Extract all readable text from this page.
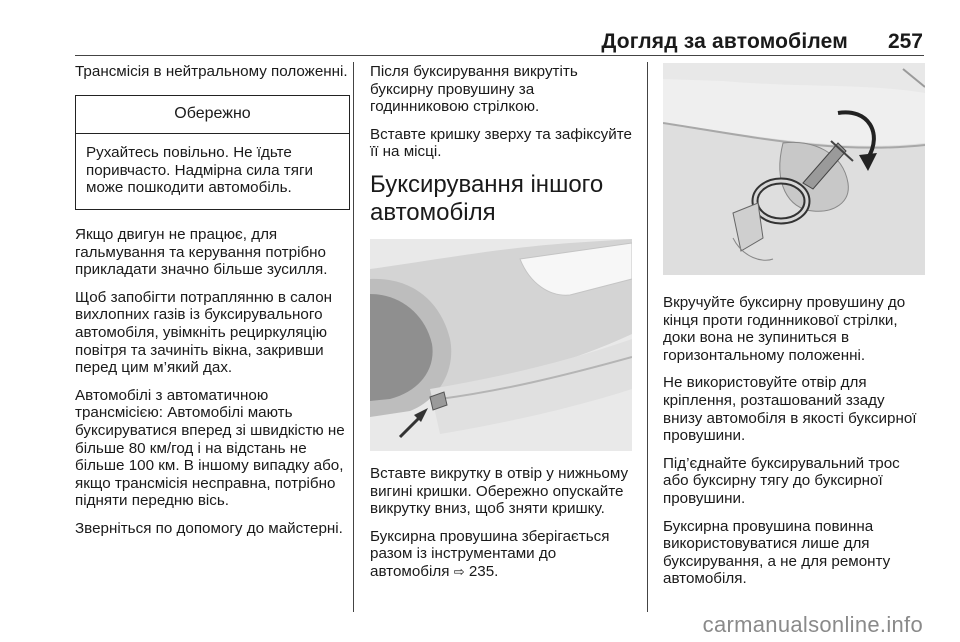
Догляд за автомобілем 257

Трансмісія в нейтральному положенні.

Обережно
Рухайтесь повільно. Не їдьте поривчасто. Надмірна сила тяги може пошкодити автомобіль.

Якщо двигун не працює, для гальмування та керування потрібно прикладати значно більше зусилля.

Щоб запобігти потраплянню в салон вихлопних газів із буксирувального автомобіля, увімкніть рециркуляцію повітря та зачиніть вікна, закривши перед цим м’який дах.

Автомобілі з автоматичною трансмісією: Автомобілі мають буксируватися вперед зі швидкістю не більше 80 км/год і на відстань не більше 100 км. В іншому випадку або, якщо трансмісія несправна, потрібно підняти передню вісь.

Зверніться по допомогу до майстерні.

Після буксирування викрутіть буксирну провушину за годинниковою стрілкою.

Вставте кришку зверху та зафіксуйте її на місці.

Буксирування іншого автомобіля

Вставте викрутку в отвір у нижньому вигині кришки. Обережно опускайте викрутку вниз, щоб зняти кришку.

Буксирна провушина зберігається разом із інструментами до автомобіля ⇨ 235.

Вкручуйте буксирну провушину до кінця проти годинникової стрілки, доки вона не зупиниться в горизонтальному положенні.

Не використовуйте отвір для кріплення, розташований ззаду внизу автомобіля в якості буксирної провушини.

Під’єднайте буксирувальний трос або буксирну тягу до буксирної провушини.

Буксирна провушина повинна використовуватися лише для буксирування, а не для ремонту автомобіля.

carmanualsonline.info
